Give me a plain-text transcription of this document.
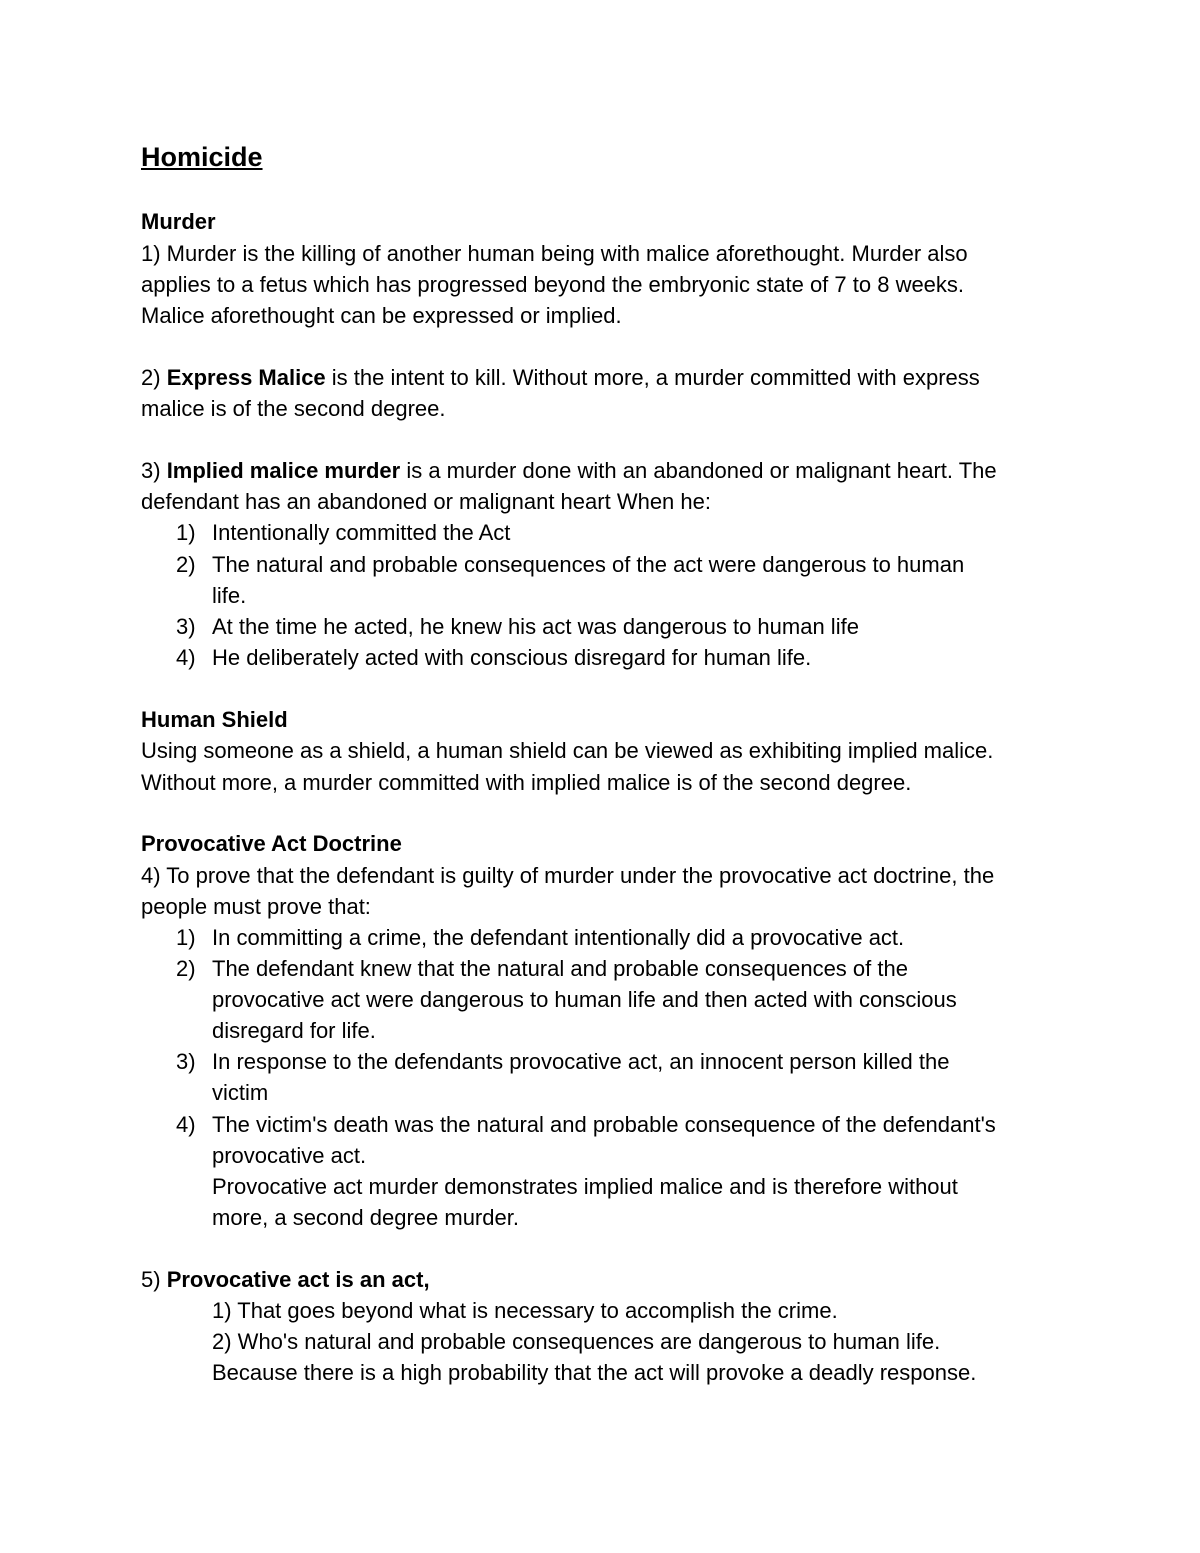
Homicide
Murder
1) Murder is the killing of another human being with malice aforethought. Murder also
applies to a fetus which has progressed beyond the embryonic state of 7 to 8 weeks.
Malice aforethought can be expressed or implied.
2) Express Malice is the intent to kill. Without more, a murder committed with express
malice is of the second degree.
3) Implied malice murder is a murder done with an abandoned or malignant heart. The
defendant has an abandoned or malignant heart When he:
1) Intentionally committed the Act
2) The natural and probable consequences of the act were dangerous to human
life.
3) At the time he acted, he knew his act was dangerous to human life
4) He deliberately acted with conscious disregard for human life.
Human Shield
Using someone as a shield, a human shield can be viewed as exhibiting implied malice.
Without more, a murder committed with implied malice is of the second degree.
Provocative Act Doctrine
4) To prove that the defendant is guilty of murder under the provocative act doctrine, the
people must prove that:
1) In committing a crime, the defendant intentionally did a provocative act.
2) The defendant knew that the natural and probable consequences of the
provocative act were dangerous to human life and then acted with conscious
disregard for life.
3) In response to the defendants provocative act, an innocent person killed the
victim
4) The victim's death was the natural and probable consequence of the defendant's
provocative act.
Provocative act murder demonstrates implied malice and is therefore without
more, a second degree murder.
5) Provocative act is an act,
1) That goes beyond what is necessary to accomplish the crime.
2) Who's natural and probable consequences are dangerous to human life.
Because there is a high probability that the act will provoke a deadly response.
